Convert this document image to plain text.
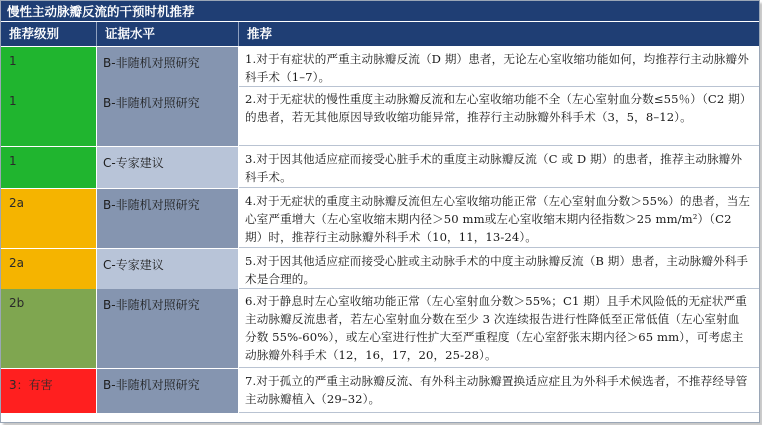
慢性主动脉瓣反流的干预时机推荐
推荐级别	证据水平	推荐
1	B-非随机对照研究	1.对于有症状的严重主动脉瓣反流（D 期）患者，无论左心室收缩功能如何，均推荐行主动脉瓣外科手术（1–7）。
1	B-非随机对照研究	2.对于无症状的慢性重度主动脉瓣反流和左心室收缩功能不全（左心室射血分数≤55％）（C2 期）的患者，若无其他原因导致收缩功能异常，推荐行主动脉瓣外科手术（3，5，8–12）。
1	C-专家建议	3.对于因其他适应症而接受心脏手术的重度主动脉瓣反流（C 或 D 期）的患者，推荐主动脉瓣外科手术。
2a	B-非随机对照研究	4.对于无症状的重度主动脉瓣反流但左心室收缩功能正常（左心室射血分数＞55%）的患者，当左心室严重增大（左心室收缩末期内径＞50 mm或左心室收缩末期内径指数＞25 mm/m²）（C2 期）时，推荐行主动脉瓣外科手术（10，11，13-24）。
2a	C-专家建议	5.对于因其他适应症而接受心脏或主动脉手术的中度主动脉瓣反流（B 期）患者，主动脉瓣外科手术是合理的。
2b	B-非随机对照研究	6.对于静息时左心室收缩功能正常（左心室射血分数＞55%；C1 期）且手术风险低的无症状严重主动脉瓣反流患者，若左心室射血分数在至少 3 次连续报告进行性降低至正常低值（左心室射血分数 55%-60%），或左心室进行性扩大至严重程度（左心室舒张末期内径＞65 mm），可考虑主动脉瓣外科手术（12，16，17，20，25-28）。
3：有害	B-非随机对照研究	7.对于孤立的严重主动脉瓣反流、有外科主动脉瓣置换适应症且为外科手术候选者，不推荐经导管主动脉瓣植入（29–32）。
